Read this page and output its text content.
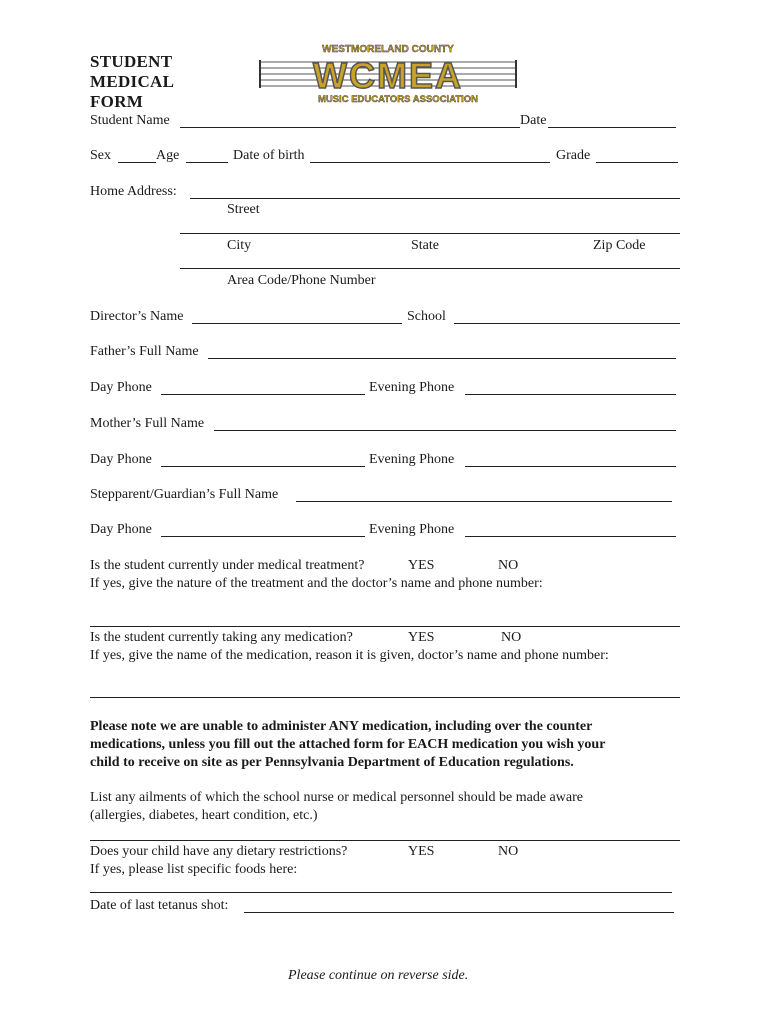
STUDENT
MEDICAL
FORM
WESTMORELAND COUNTY
WCMEA
MUSIC EDUCATORS ASSOCIATION
Student Name	Date
Sex	Age	Date of birth	Grade
Home Address:
Street
City	State	Zip Code
Area Code/Phone Number
Director’s Name	School
Father’s Full Name
Day Phone	Evening Phone
Mother’s Full Name
Day Phone	Evening Phone
Stepparent/Guardian’s Full Name
Day Phone	Evening Phone
Is the student currently under medical treatment?	YES	NO
If yes, give the nature of the treatment and the doctor’s name and phone number:
Is the student currently taking any medication?	YES	NO
If yes, give the name of the medication, reason it is given, doctor’s name and phone number:
Please note we are unable to administer ANY medication, including over the counter
medications, unless you fill out the attached form for EACH medication you wish your
child to receive on site as per Pennsylvania Department of Education regulations.
List any ailments of which the school nurse or medical personnel should be made aware
(allergies, diabetes, heart condition, etc.)
Does your child have any dietary restrictions?	YES	NO
If yes, please list specific foods here:
Date of last tetanus shot:
Please continue on reverse side.
